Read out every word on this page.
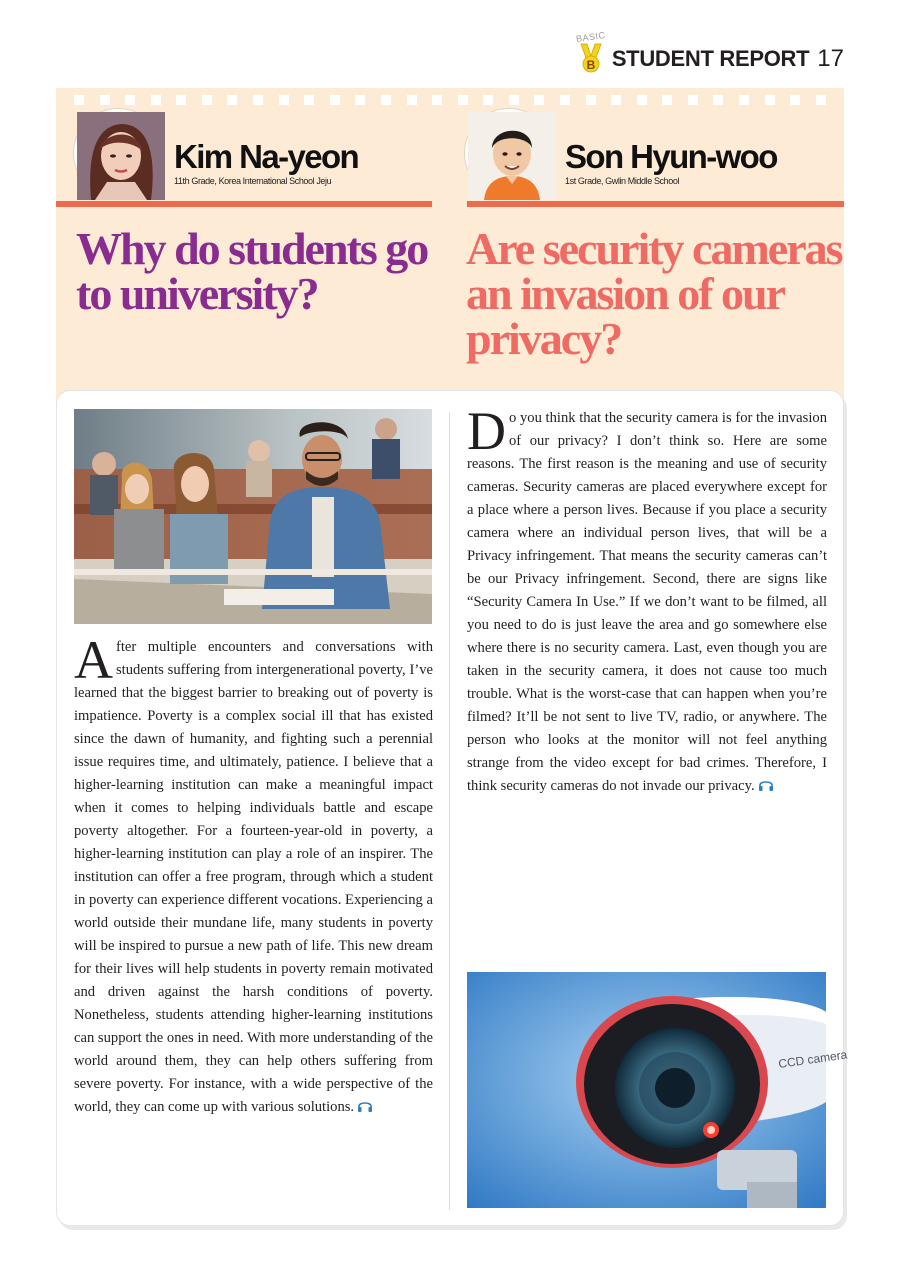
BASIC
B STUDENT REPORT 17
Kim Na-yeon
11th Grade, Korea International School Jeju
Son Hyun-woo
1st Grade, Gwlin Middle School
Why do students go to university?
Are security cameras an invasion of our privacy?
After multiple encounters and conversations with students suffering from intergenerational poverty, I’ve learned that the biggest barrier to breaking out of poverty is impatience. Poverty is a complex social ill that has existed since the dawn of humanity, and fighting such a perennial issue requires time, and ultimately, patience. I believe that a higher-learning institution can make a meaningful impact when it comes to helping individuals battle and escape poverty altogether. For a fourteen-year-old in poverty, a higher-learning institution can play a role of an inspirer. The institution can offer a free program, through which a student in poverty can experience different vocations. Experiencing a world outside their mundane life, many students in poverty will be inspired to pursue a new path of life. This new dream for their lives will help students in poverty remain motivated and driven against the harsh conditions of poverty. Nonetheless, students attending higher-learning institutions can support the ones in need. With more understanding of the world around them, they can help others suffering from severe poverty. For instance, with a wide perspective of the world, they can come up with various solutions.
Do you think that the security camera is for the invasion of our privacy? I don’t think so. Here are some reasons. The first reason is the meaning and use of security cameras. Security cameras are placed everywhere except for a place where a person lives. Because if you place a security camera where an individual person lives, that will be a Privacy infringement. That means the security cameras can’t be our Privacy infringement. Second, there are signs like “Security Camera In Use.” If we don’t want to be filmed, all you need to do is just leave the area and go somewhere else where there is no security camera. Last, even though you are taken in the security camera, it does not cause too much trouble. What is the worst-case that can happen when you’re filmed? It’ll be not sent to live TV, radio, or anywhere. The person who looks at the monitor will not feel anything strange from the video except for bad crimes. Therefore, I think security cameras do not invade our privacy.
CCD camera
